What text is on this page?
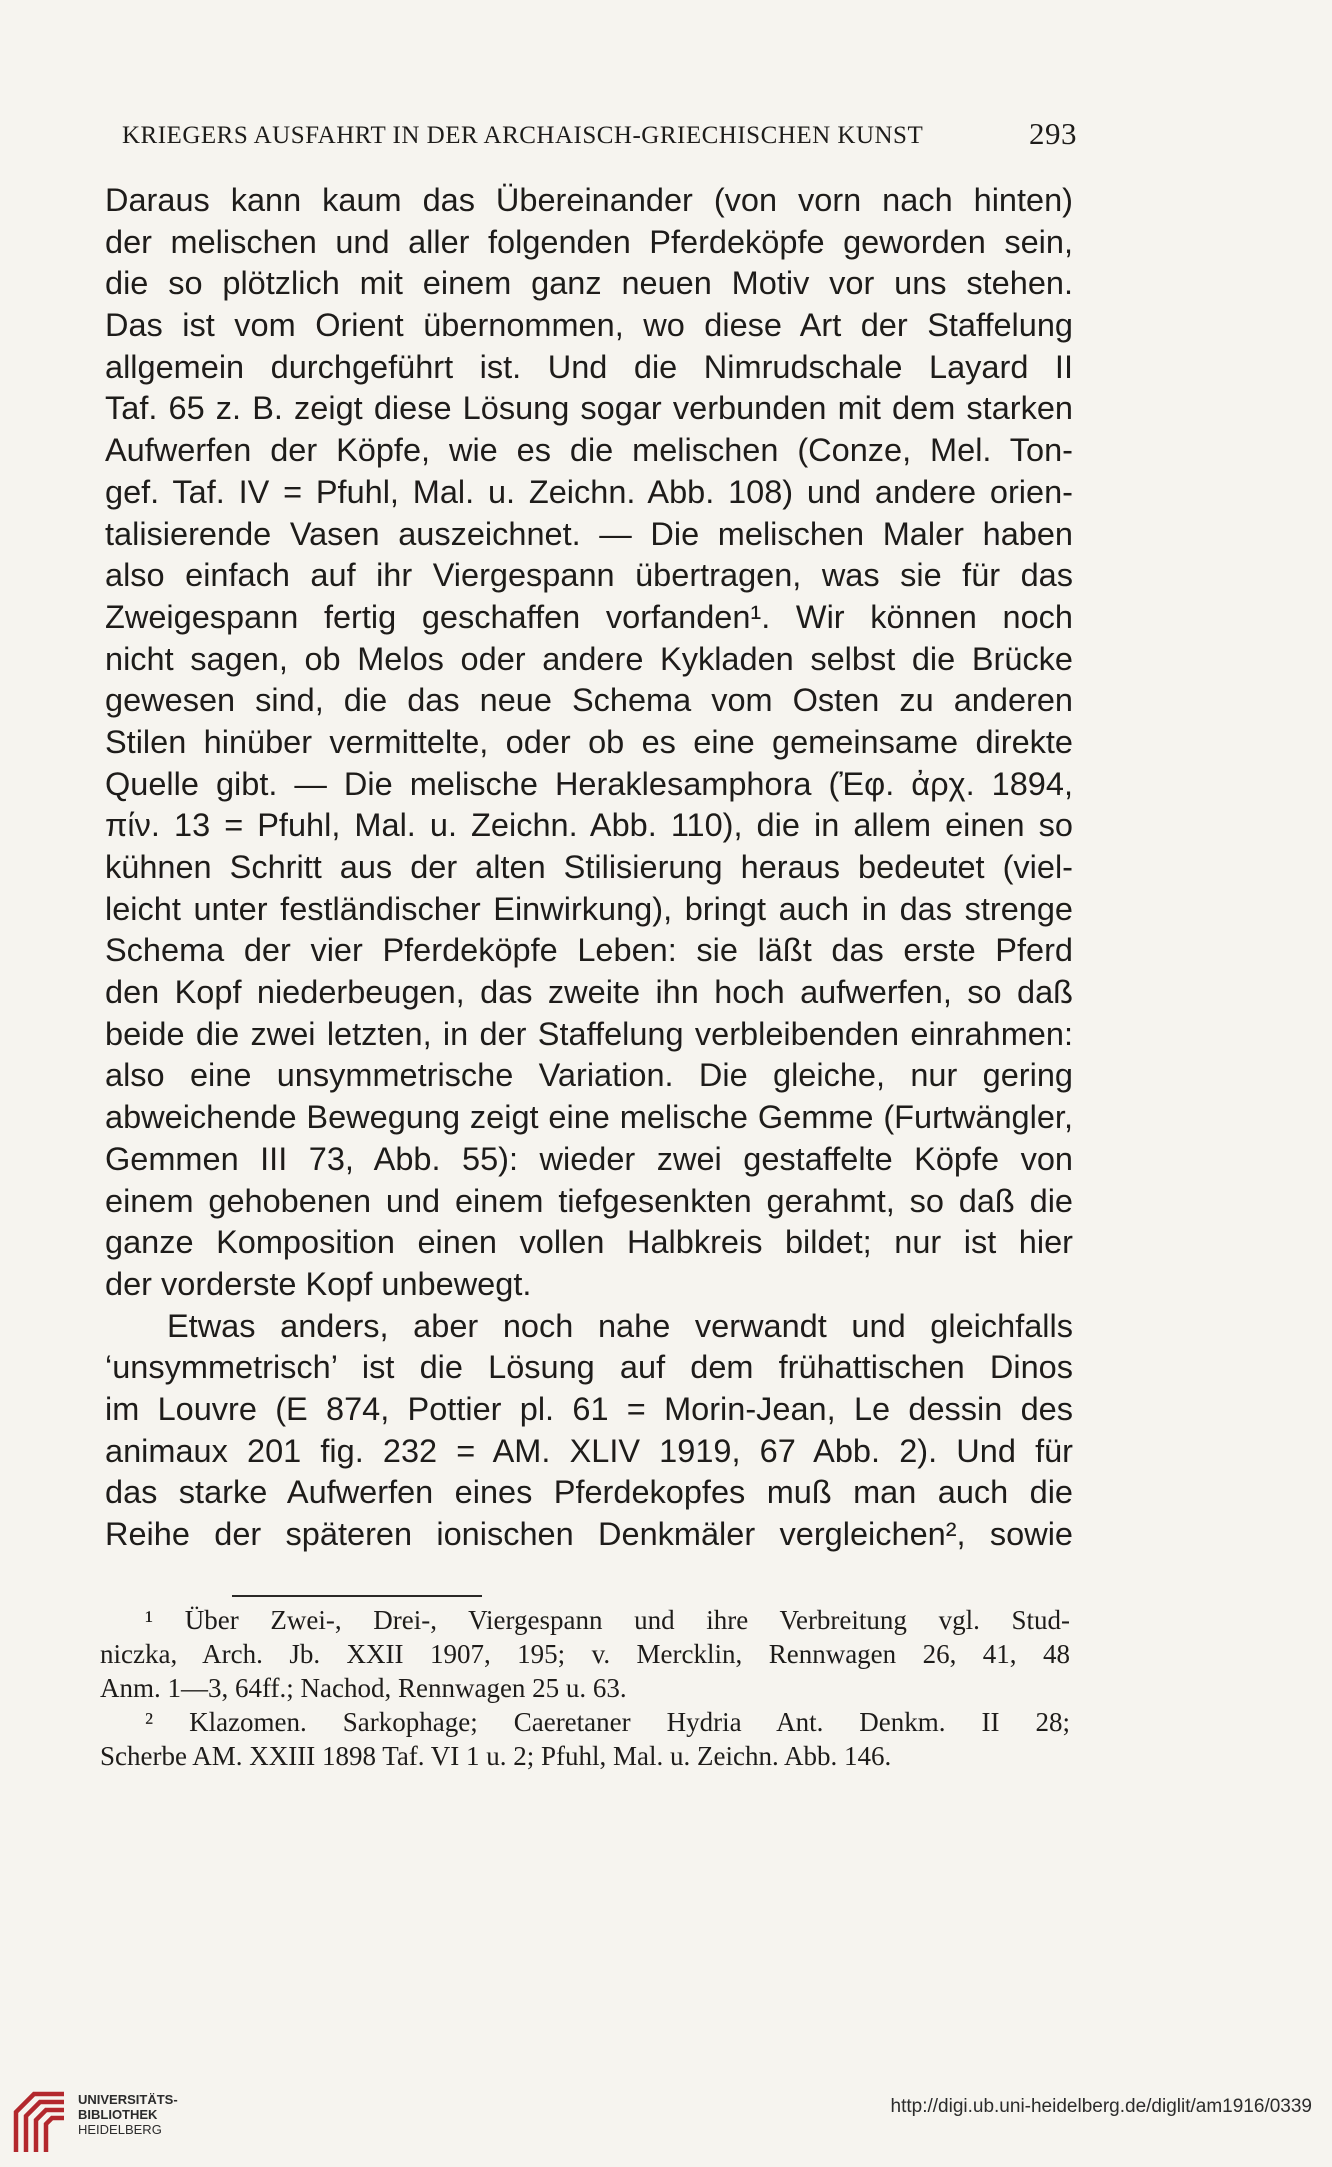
KRIEGERS AUSFAHRT IN DER ARCHAISCH-GRIECHISCHEN KUNST	293
Daraus kann kaum das Übereinander (von vorn nach hinten)
der melischen und aller folgenden Pferdeköpfe geworden sein,
die so plötzlich mit einem ganz neuen Motiv vor uns stehen.
Das ist vom Orient übernommen, wo diese Art der Staffelung
allgemein durchgeführt ist. Und die Nimrudschale Layard II
Taf. 65 z. B. zeigt diese Lösung sogar verbunden mit dem starken
Aufwerfen der Köpfe, wie es die melischen (Conze, Mel. Ton-
gef. Taf. IV = Pfuhl, Mal. u. Zeichn. Abb. 108) und andere orien-
talisierende Vasen auszeichnet. — Die melischen Maler haben
also einfach auf ihr Viergespann übertragen, was sie für das
Zweigespann fertig geschaffen vorfanden¹. Wir können noch
nicht sagen, ob Melos oder andere Kykladen selbst die Brücke
gewesen sind, die das neue Schema vom Osten zu anderen
Stilen hinüber vermittelte, oder ob es eine gemeinsame direkte
Quelle gibt. — Die melische Heraklesamphora (Ἐφ. ἀρχ. 1894,
πίν. 13 = Pfuhl, Mal. u. Zeichn. Abb. 110), die in allem einen so
kühnen Schritt aus der alten Stilisierung heraus bedeutet (viel-
leicht unter festländischer Einwirkung), bringt auch in das strenge
Schema der vier Pferdeköpfe Leben: sie läßt das erste Pferd
den Kopf niederbeugen, das zweite ihn hoch aufwerfen, so daß
beide die zwei letzten, in der Staffelung verbleibenden einrahmen:
also eine unsymmetrische Variation. Die gleiche, nur gering
abweichende Bewegung zeigt eine melische Gemme (Furtwängler,
Gemmen III 73, Abb. 55): wieder zwei gestaffelte Köpfe von
einem gehobenen und einem tiefgesenkten gerahmt, so daß die
ganze Komposition einen vollen Halbkreis bildet; nur ist hier
der vorderste Kopf unbewegt.
Etwas anders, aber noch nahe verwandt und gleichfalls
‘unsymmetrisch’ ist die Lösung auf dem frühattischen Dinos
im Louvre (E 874, Pottier pl. 61 = Morin-Jean, Le dessin des
animaux 201 fig. 232 = AM. XLIV 1919, 67 Abb. 2). Und für
das starke Aufwerfen eines Pferdekopfes muß man auch die
Reihe der späteren ionischen Denkmäler vergleichen², sowie
¹ Über Zwei-, Drei-, Viergespann und ihre Verbreitung vgl. Stud-
niczka, Arch. Jb. XXII 1907, 195; v. Mercklin, Rennwagen 26, 41, 48
Anm. 1—3, 64ff.; Nachod, Rennwagen 25 u. 63.
² Klazomen. Sarkophage; Caeretaner Hydria Ant. Denkm. II 28;
Scherbe AM. XXIII 1898 Taf. VI 1 u. 2; Pfuhl, Mal. u. Zeichn. Abb. 146.
UNIVERSITÄTS-
BIBLIOTHEK
HEIDELBERG
http://digi.ub.uni-heidelberg.de/diglit/am1916/0339
